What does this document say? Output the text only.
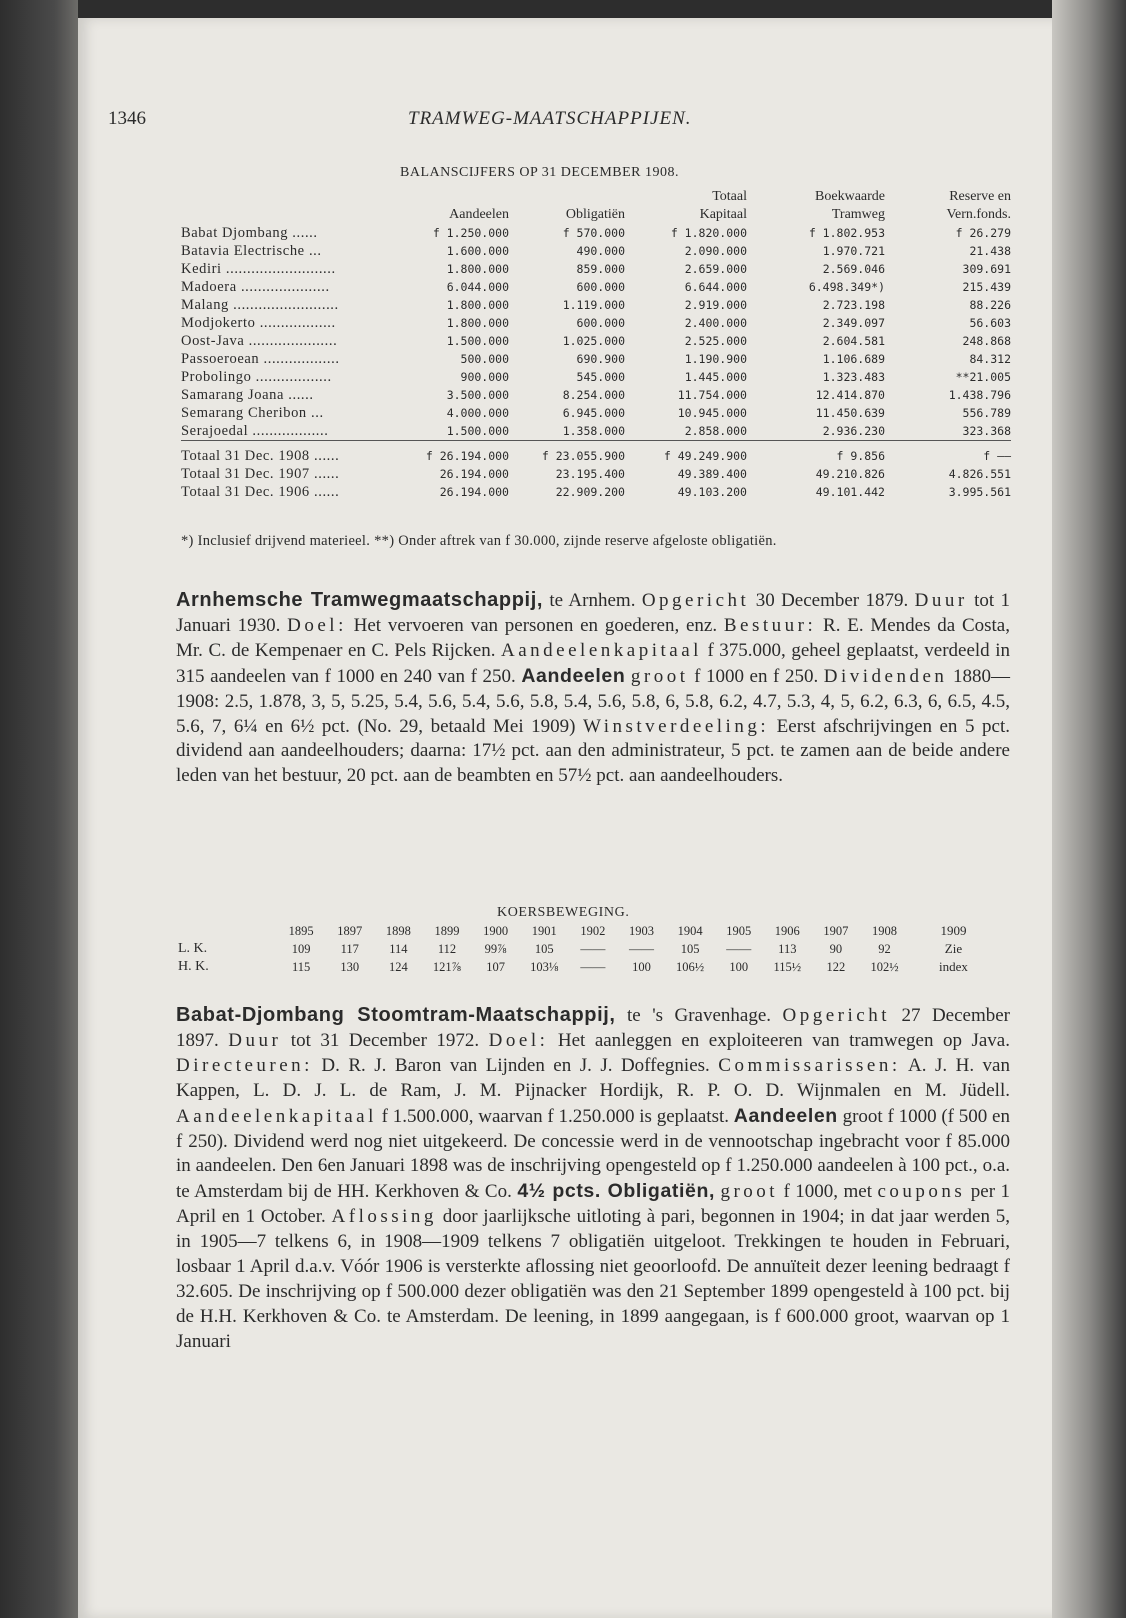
1346	TRAMWEG-MAATSCHAPPIJEN.
BALANSCIJFERS OP 31 DECEMBER 1908.
			Totaal	Boekwaarde	Reserve en
	Aandeelen	Obligatiën	Kapitaal	Tramweg	Vern.fonds.
Babat Djombang ......	f 1.250.000	f 570.000	f 1.820.000	f 1.802.953	f 26.279
Batavia Electrische ...	1.600.000	490.000	2.090.000	1.970.721	21.438
Kediri ..........................	1.800.000	859.000	2.659.000	2.569.046	309.691
Madoera .....................	6.044.000	600.000	6.644.000	6.498.349*)	215.439
Malang .........................	1.800.000	1.119.000	2.919.000	2.723.198	88.226
Modjokerto ..................	1.800.000	600.000	2.400.000	2.349.097	56.603
Oost-Java .....................	1.500.000	1.025.000	2.525.000	2.604.581	248.868
Passoeroean ..................	500.000	690.900	1.190.900	1.106.689	84.312
Probolingo ..................	900.000	545.000	1.445.000	1.323.483	**21.005
Samarang Joana ......	3.500.000	8.254.000	11.754.000	12.414.870	1.438.796
Semarang Cheribon ...	4.000.000	6.945.000	10.945.000	11.450.639	556.789
Serajoedal ..................	1.500.000	1.358.000	2.858.000	2.936.230	323.368

Totaal 31 Dec. 1908 ......	f 26.194.000	f 23.055.900	f 49.249.900	f 9.856	f ——
Totaal 31 Dec. 1907 ......	26.194.000	23.195.400	49.389.400	49.210.826	4.826.551
Totaal 31 Dec. 1906 ......	26.194.000	22.909.200	49.103.200	49.101.442	3.995.561
*) Inclusief drijvend materieel. **) Onder aftrek van f 30.000, zijnde reserve afgeloste obligatiën.
Arnhemsche Tramwegmaatschappij, te Arnhem. Opgericht 30 December 1879. Duur tot 1 Januari 1930. Doel: Het vervoeren van personen en goederen, enz. Bestuur: R. E. Mendes da Costa, Mr. C. de Kempenaer en C. Pels Rijcken. Aandeelenkapitaal f 375.000, geheel geplaatst, verdeeld in 315 aandeelen van f 1000 en 240 van f 250. Aandeelen groot f 1000 en f 250. Dividenden 1880—1908: 2.5, 1.878, 3, 5, 5.25, 5.4, 5.6, 5.4, 5.6, 5.8, 5.4, 5.6, 5.8, 6, 5.8, 6.2, 4.7, 5.3, 4, 5, 6.2, 6.3, 6, 6.5, 4.5, 5.6, 7, 6¼ en 6½ pct. (No. 29, betaald Mei 1909) Winstverdeeling: Eerst afschrijvingen en 5 pct. dividend aan aandeelhouders; daarna: 17½ pct. aan den administrateur, 5 pct. te zamen aan de beide andere leden van het bestuur, 20 pct. aan de beambten en 57½ pct. aan aandeelhouders.
KOERSBEWEGING.
	1895	1897	1898	1899	1900	1901	1902	1903	1904	1905	1906	1907	1908	1909
L. K.	109	117	114	112	99⅞	105	——	——	105	——	113	90	92	Zie
H. K.	115	130	124	121⅞	107	103⅛	——	100	106½	100	115½	122	102½	index
Babat-Djombang Stoomtram-Maatschappij, te 's Gravenhage. Opgericht 27 December 1897. Duur tot 31 December 1972. Doel: Het aanleggen en exploiteeren van tramwegen op Java. Directeuren: D. R. J. Baron van Lijnden en J. J. Doffegnies. Commissarissen: A. J. H. van Kappen, L. D. J. L. de Ram, J. M. Pijnacker Hordijk, R. P. O. D. Wijnmalen en M. Jüdell. Aandeelenkapitaal f 1.500.000, waarvan f 1.250.000 is geplaatst. Aandeelen groot f 1000 (f 500 en f 250). Dividend werd nog niet uitgekeerd. De concessie werd in de vennootschap ingebracht voor f 85.000 in aandeelen. Den 6en Januari 1898 was de inschrijving opengesteld op f 1.250.000 aandeelen à 100 pct., o.a. te Amsterdam bij de HH. Kerkhoven & Co. 4½ pcts. Obligatiën, groot f 1000, met coupons per 1 April en 1 October. Aflossing door jaarlijksche uitloting à pari, begonnen in 1904; in dat jaar werden 5, in 1905—7 telkens 6, in 1908—1909 telkens 7 obligatiën uitgeloot. Trekkingen te houden in Februari, losbaar 1 April d.a.v. Vóór 1906 is versterkte aflossing niet geoorloofd. De annuïteit dezer leening bedraagt f 32.605. De inschrijving op f 500.000 dezer obligatiën was den 21 September 1899 opengesteld à 100 pct. bij de H.H. Kerkhoven & Co. te Amsterdam. De leening, in 1899 aangegaan, is f 600.000 groot, waarvan op 1 Januari
